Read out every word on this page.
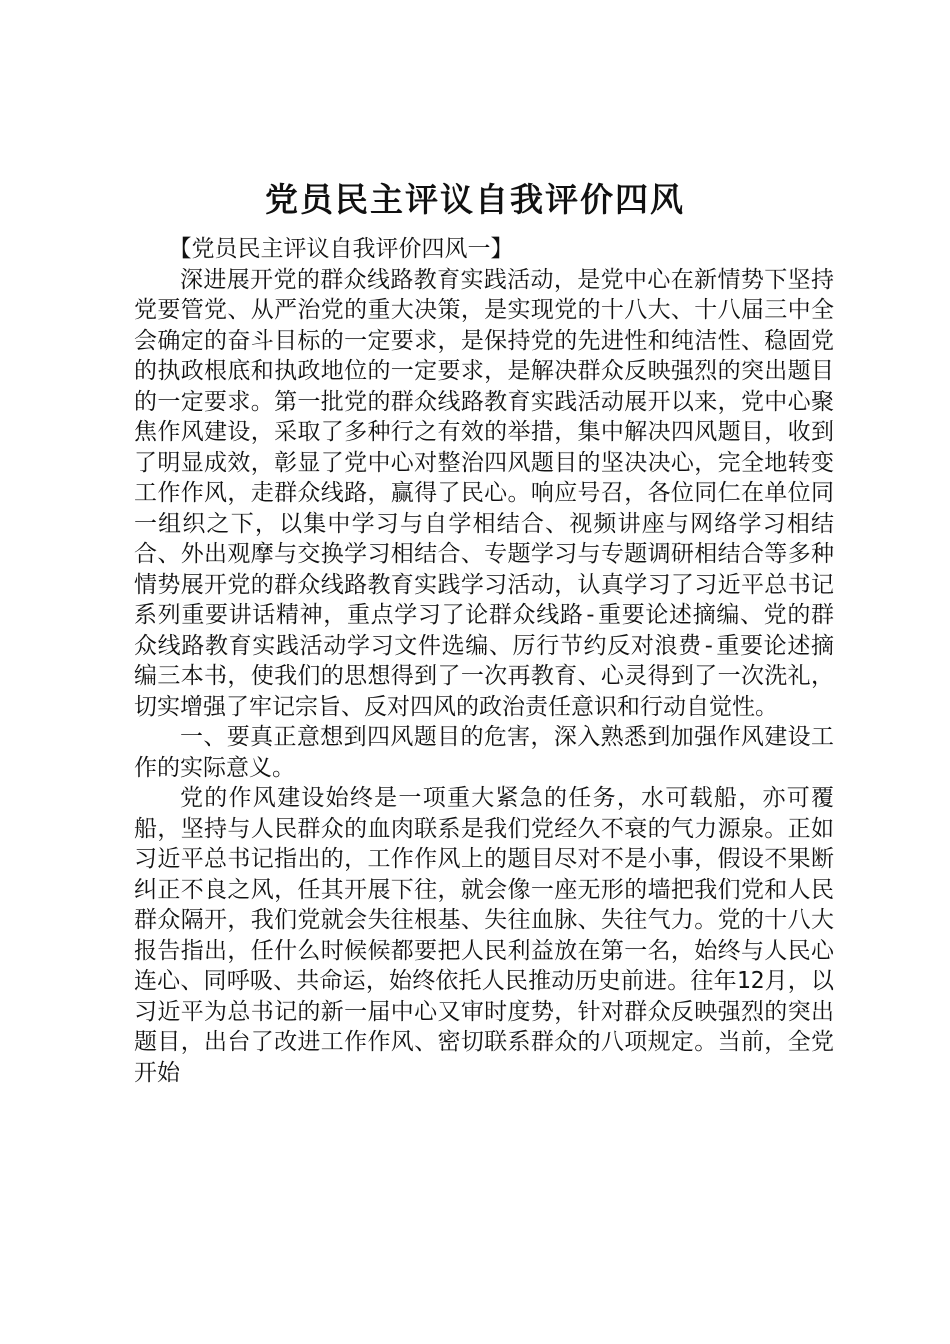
党员民主评议自我评价四风

【党员民主评议自我评价四风一】

深进展开党的群众线路教育实践活动，是党中心在新情势下坚持党要管党、从严治党的重大决策，是实现党的十八大、十八届三中全会确定的奋斗目标的一定要求，是保持党的先进性和纯洁性、稳固党的执政根底和执政地位的一定要求，是解决群众反映强烈的突出题目的一定要求。第一批党的群众线路教育实践活动展开以来，党中心聚焦作风建设，采取了多种行之有效的举措，集中解决四风题目，收到了明显成效，彰显了党中心对整治四风题目的坚决决心，完全地转变工作作风，走群众线路，赢得了民心。响应号召，各位同仁在单位同一组织之下，以集中学习与自学相结合、视频讲座与网络学习相结合、外出观摩与交换学习相结合、专题学习与专题调研相结合等多种情势展开党的群众线路教育实践学习活动，认真学习了习近平总书记系列重要讲话精神，重点学习了论群众线路-重要论述摘编、党的群众线路教育实践活动学习文件选编、厉行节约反对浪费-重要论述摘编三本书，使我们的思想得到了一次再教育、心灵得到了一次洗礼，切实增强了牢记宗旨、反对四风的政治责任意识和行动自觉性。

一、要真正意想到四风题目的危害，深入熟悉到加强作风建设工作的实际意义。

党的作风建设始终是一项重大紧急的任务，水可载船，亦可覆船，坚持与人民群众的血肉联系是我们党经久不衰的气力源泉。正如习近平总书记指出的，工作作风上的题目尽对不是小事，假设不果断纠正不良之风，任其开展下往，就会像一座无形的墙把我们党和人民群众隔开，我们党就会失往根基、失往血脉、失往气力。党的十八大报告指出，任什么时候候都要把人民利益放在第一名，始终与人民心连心、同呼吸、共命运，始终依托人民推动历史前进。往年12月，以习近平为总书记的新一届中心又审时度势，针对群众反映强烈的突出题目，出台了改进工作作风、密切联系群众的八项规定。当前，全党开始
